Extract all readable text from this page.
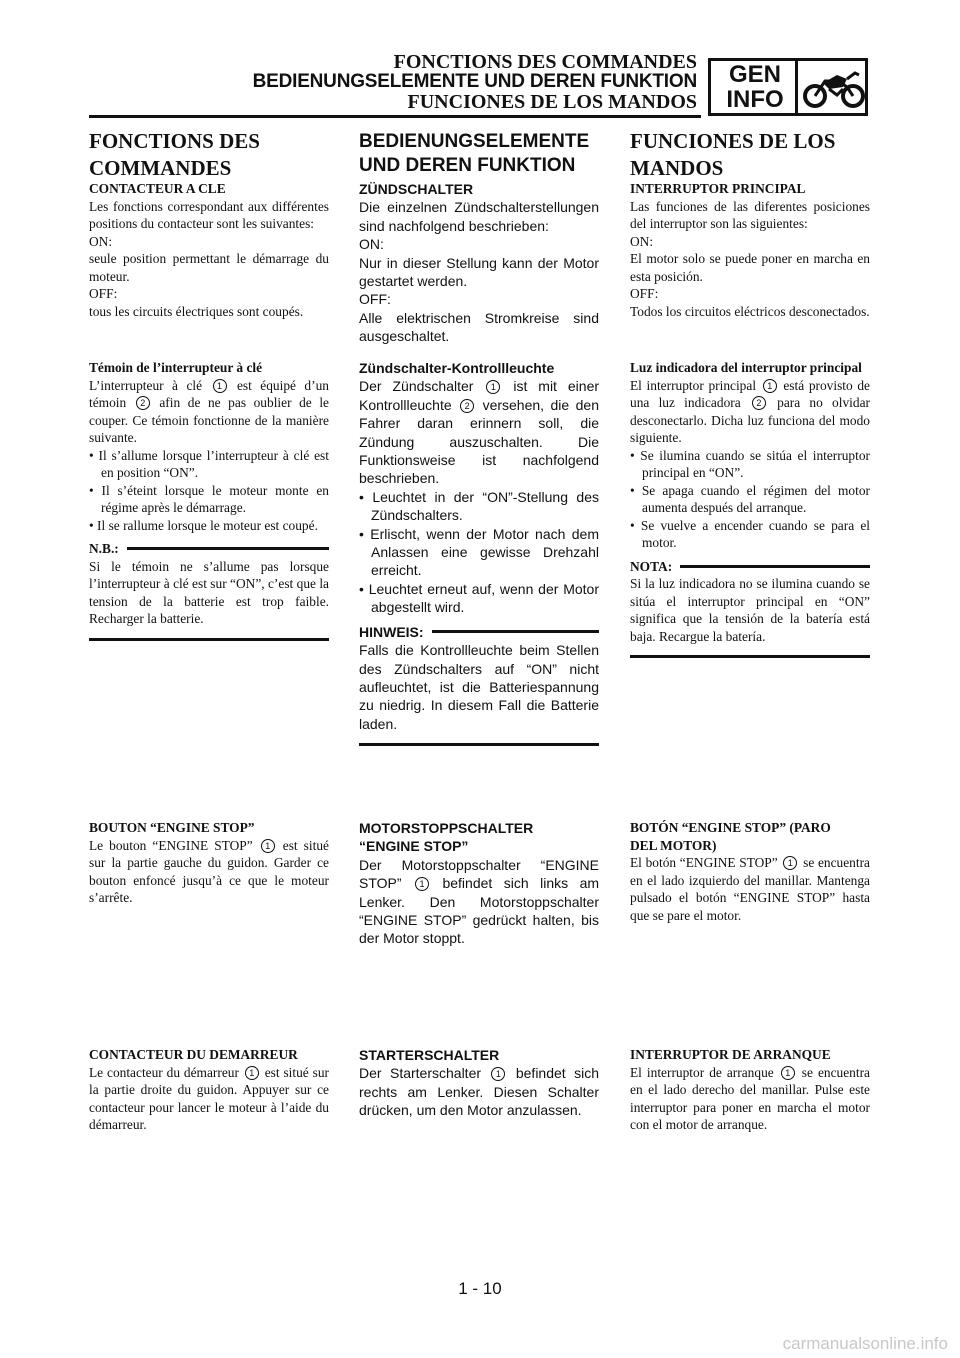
FONCTIONS DES COMMANDES
BEDIENUNGSELEMENTE UND DEREN FUNKTION
FUNCIONES DE LOS MANDOS
GEN
INFO
FONCTIONS DES
COMMANDES
CONTACTEUR A CLE
Les fonctions correspondant aux différentes positions du contacteur sont les suivantes:
ON:
seule position permettant le démarrage du moteur.
OFF:
tous les circuits électriques sont coupés.
Témoin de l’interrupteur à clé
L’interrupteur à clé 1 est équipé d’un témoin 2 afin de ne pas oublier de le couper. Ce témoin fonctionne de la manière suivante.
• Il s’allume lorsque l’interrupteur à clé est en position “ON”.
• Il s’éteint lorsque le moteur monte en régime après le démarrage.
• Il se rallume lorsque le moteur est coupé.
N.B.:
Si le témoin ne s’allume pas lorsque l’interrupteur à clé est sur “ON”, c’est que la tension de la batterie est trop faible. Recharger la batterie.
BOUTON “ENGINE STOP”
Le bouton “ENGINE STOP” 1 est situé sur la partie gauche du guidon. Garder ce bouton enfoncé jusqu’à ce que le moteur s’arrête.
CONTACTEUR DU DEMARREUR
Le contacteur du démarreur 1 est situé sur la partie droite du guidon. Appuyer sur ce contacteur pour lancer le moteur à l’aide du démarreur.
BEDIENUNGSELEMENTE
UND DEREN FUNKTION
ZÜNDSCHALTER
Die einzelnen Zündschalterstellungen sind nachfolgend beschrieben:
ON:
Nur in dieser Stellung kann der Motor gestartet werden.
OFF:
Alle elektrischen Stromkreise sind ausgeschaltet.
Zündschalter-Kontrollleuchte
Der Zündschalter 1 ist mit einer Kontrollleuchte 2 versehen, die den Fahrer daran erinnern soll, die Zündung auszuschalten. Die Funktionsweise ist nachfolgend beschrieben.
• Leuchtet in der “ON”-Stellung des Zündschalters.
• Erlischt, wenn der Motor nach dem Anlassen eine gewisse Drehzahl erreicht.
• Leuchtet erneut auf, wenn der Motor abgestellt wird.
HINWEIS:
Falls die Kontrollleuchte beim Stellen des Zündschalters auf “ON” nicht aufleuchtet, ist die Batteriespannung zu niedrig. In diesem Fall die Batterie laden.
MOTORSTOPPSCHALTER
“ENGINE STOP”
Der Motorstoppschalter “ENGINE STOP” 1 befindet sich links am Lenker. Den Motorstoppschalter “ENGINE STOP” gedrückt halten, bis der Motor stoppt.
STARTERSCHALTER
Der Starterschalter 1 befindet sich rechts am Lenker. Diesen Schalter drücken, um den Motor anzulassen.
FUNCIONES DE LOS
MANDOS
INTERRUPTOR PRINCIPAL
Las funciones de las diferentes posiciones del interruptor son las siguientes:
ON:
El motor solo se puede poner en marcha en esta posición.
OFF:
Todos los circuitos eléctricos desconectados.
Luz indicadora del interruptor principal
El interruptor principal 1 está provisto de una luz indicadora 2 para no olvidar desconectarlo. Dicha luz funciona del modo siguiente.
• Se ilumina cuando se sitúa el interruptor principal en “ON”.
• Se apaga cuando el régimen del motor aumenta después del arranque.
• Se vuelve a encender cuando se para el motor.
NOTA:
Si la luz indicadora no se ilumina cuando se sitúa el interruptor principal en “ON” significa que la tensión de la batería está baja. Recargue la batería.
BOTÓN “ENGINE STOP” (PARO
DEL MOTOR)
El botón “ENGINE STOP” 1 se encuentra en el lado izquierdo del manillar. Mantenga pulsado el botón “ENGINE STOP” hasta que se pare el motor.
INTERRUPTOR DE ARRANQUE
El interruptor de arranque 1 se encuentra en el lado derecho del manillar. Pulse este interruptor para poner en marcha el motor con el motor de arranque.
1 - 10
carmanualsonline.info
